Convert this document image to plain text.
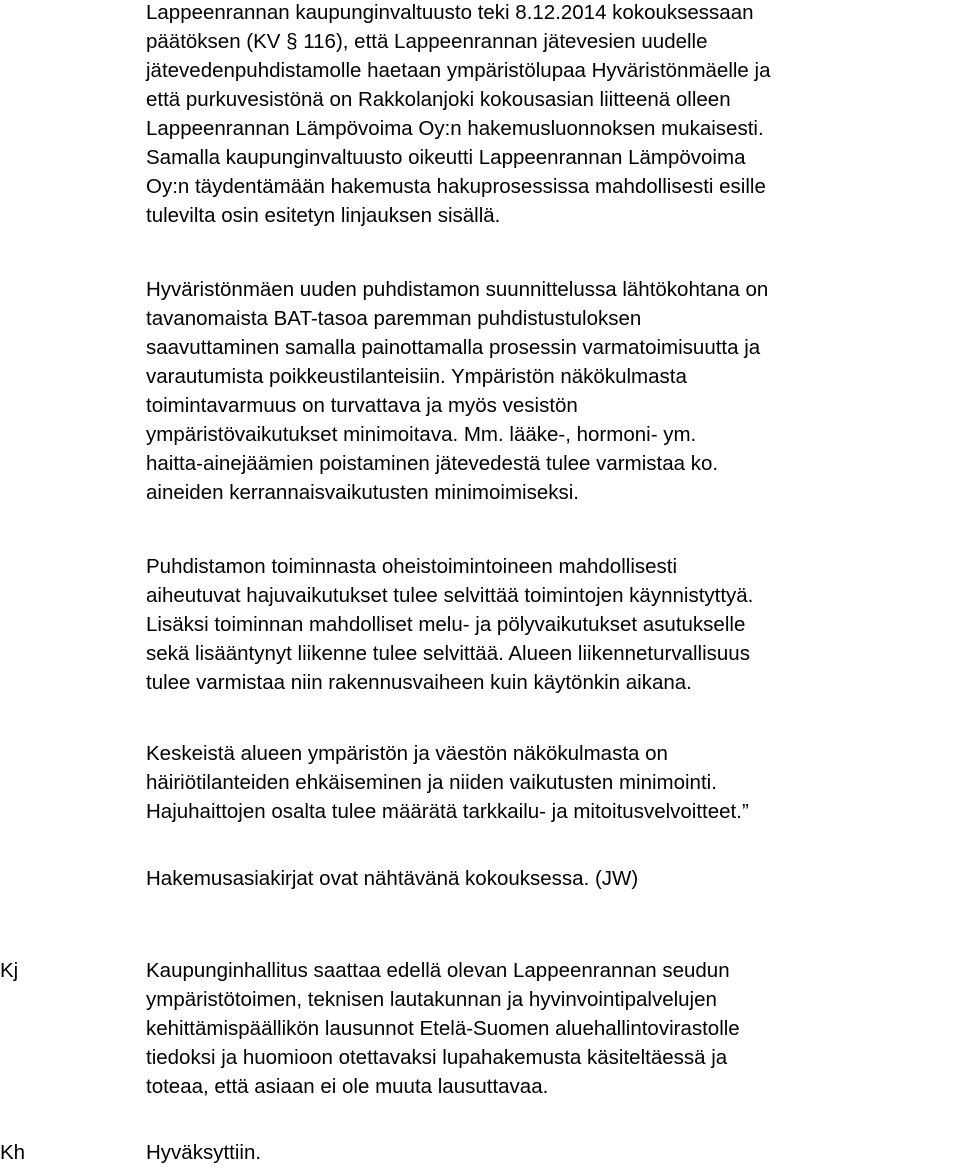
Lappeenrannan kaupunginvaltuusto teki 8.12.2014 kokouksessaan
päätöksen (KV § 116), että Lappeenrannan jätevesien uudelle
jätevedenpuhdistamolle haetaan ympäristölupaa Hyväristönmäelle ja
että purkuvesistönä on Rakkolanjoki kokousasian liitteenä olleen
Lappeenrannan Lämpövoima Oy:n hakemusluonnoksen mukaisesti.
Samalla kaupunginvaltuusto oikeutti Lappeenrannan Lämpövoima
Oy:n täydentämään hakemusta hakuprosessissa mahdollisesti esille
tulevilta osin esitetyn linjauksen sisällä.
Hyväristönmäen uuden puhdistamon suunnittelussa lähtökohtana on
tavanomaista BAT-tasoa paremman puhdistustuloksen
saavuttaminen samalla painottamalla prosessin varmatoimisuutta ja
varautumista poikkeustilanteisiin. Ympäristön näkökulmasta
toimintavarmuus on turvattava ja myös vesistön
ympäristövaikutukset minimoitava. Mm. lääke-, hormoni- ym.
haitta-ainejäämien poistaminen jätevedestä tulee varmistaa ko.
aineiden kerrannaisvaikutusten minimoimiseksi.
Puhdistamon toiminnasta oheistoimintoineen mahdollisesti
aiheutuvat hajuvaikutukset tulee selvittää toimintojen käynnistyttyä.
Lisäksi toiminnan mahdolliset melu- ja pölyvaikutukset asutukselle
sekä lisääntynyt liikenne tulee selvittää. Alueen liikenneturvallisuus
tulee varmistaa niin rakennusvaiheen kuin käytönkin aikana.
Keskeistä alueen ympäristön ja väestön näkökulmasta on
häiriötilanteiden ehkäiseminen ja niiden vaikutusten minimointi.
Hajuhaittojen osalta tulee määrätä tarkkailu- ja mitoitusvelvoitteet.”
Hakemusasiakirjat ovat nähtävänä kokouksessa. (JW)
Kj	Kaupunginhallitus saattaa edellä olevan Lappeenrannan seudun
ympäristötoimen, teknisen lautakunnan ja hyvinvointipalvelujen
kehittämispäällikön lausunnot Etelä-Suomen aluehallintovirastolle
tiedoksi ja huomioon otettavaksi lupahakemusta käsiteltäessä ja
toteaa, että asiaan ei ole muuta lausuttavaa.
Kh	Hyväksyttiin.
